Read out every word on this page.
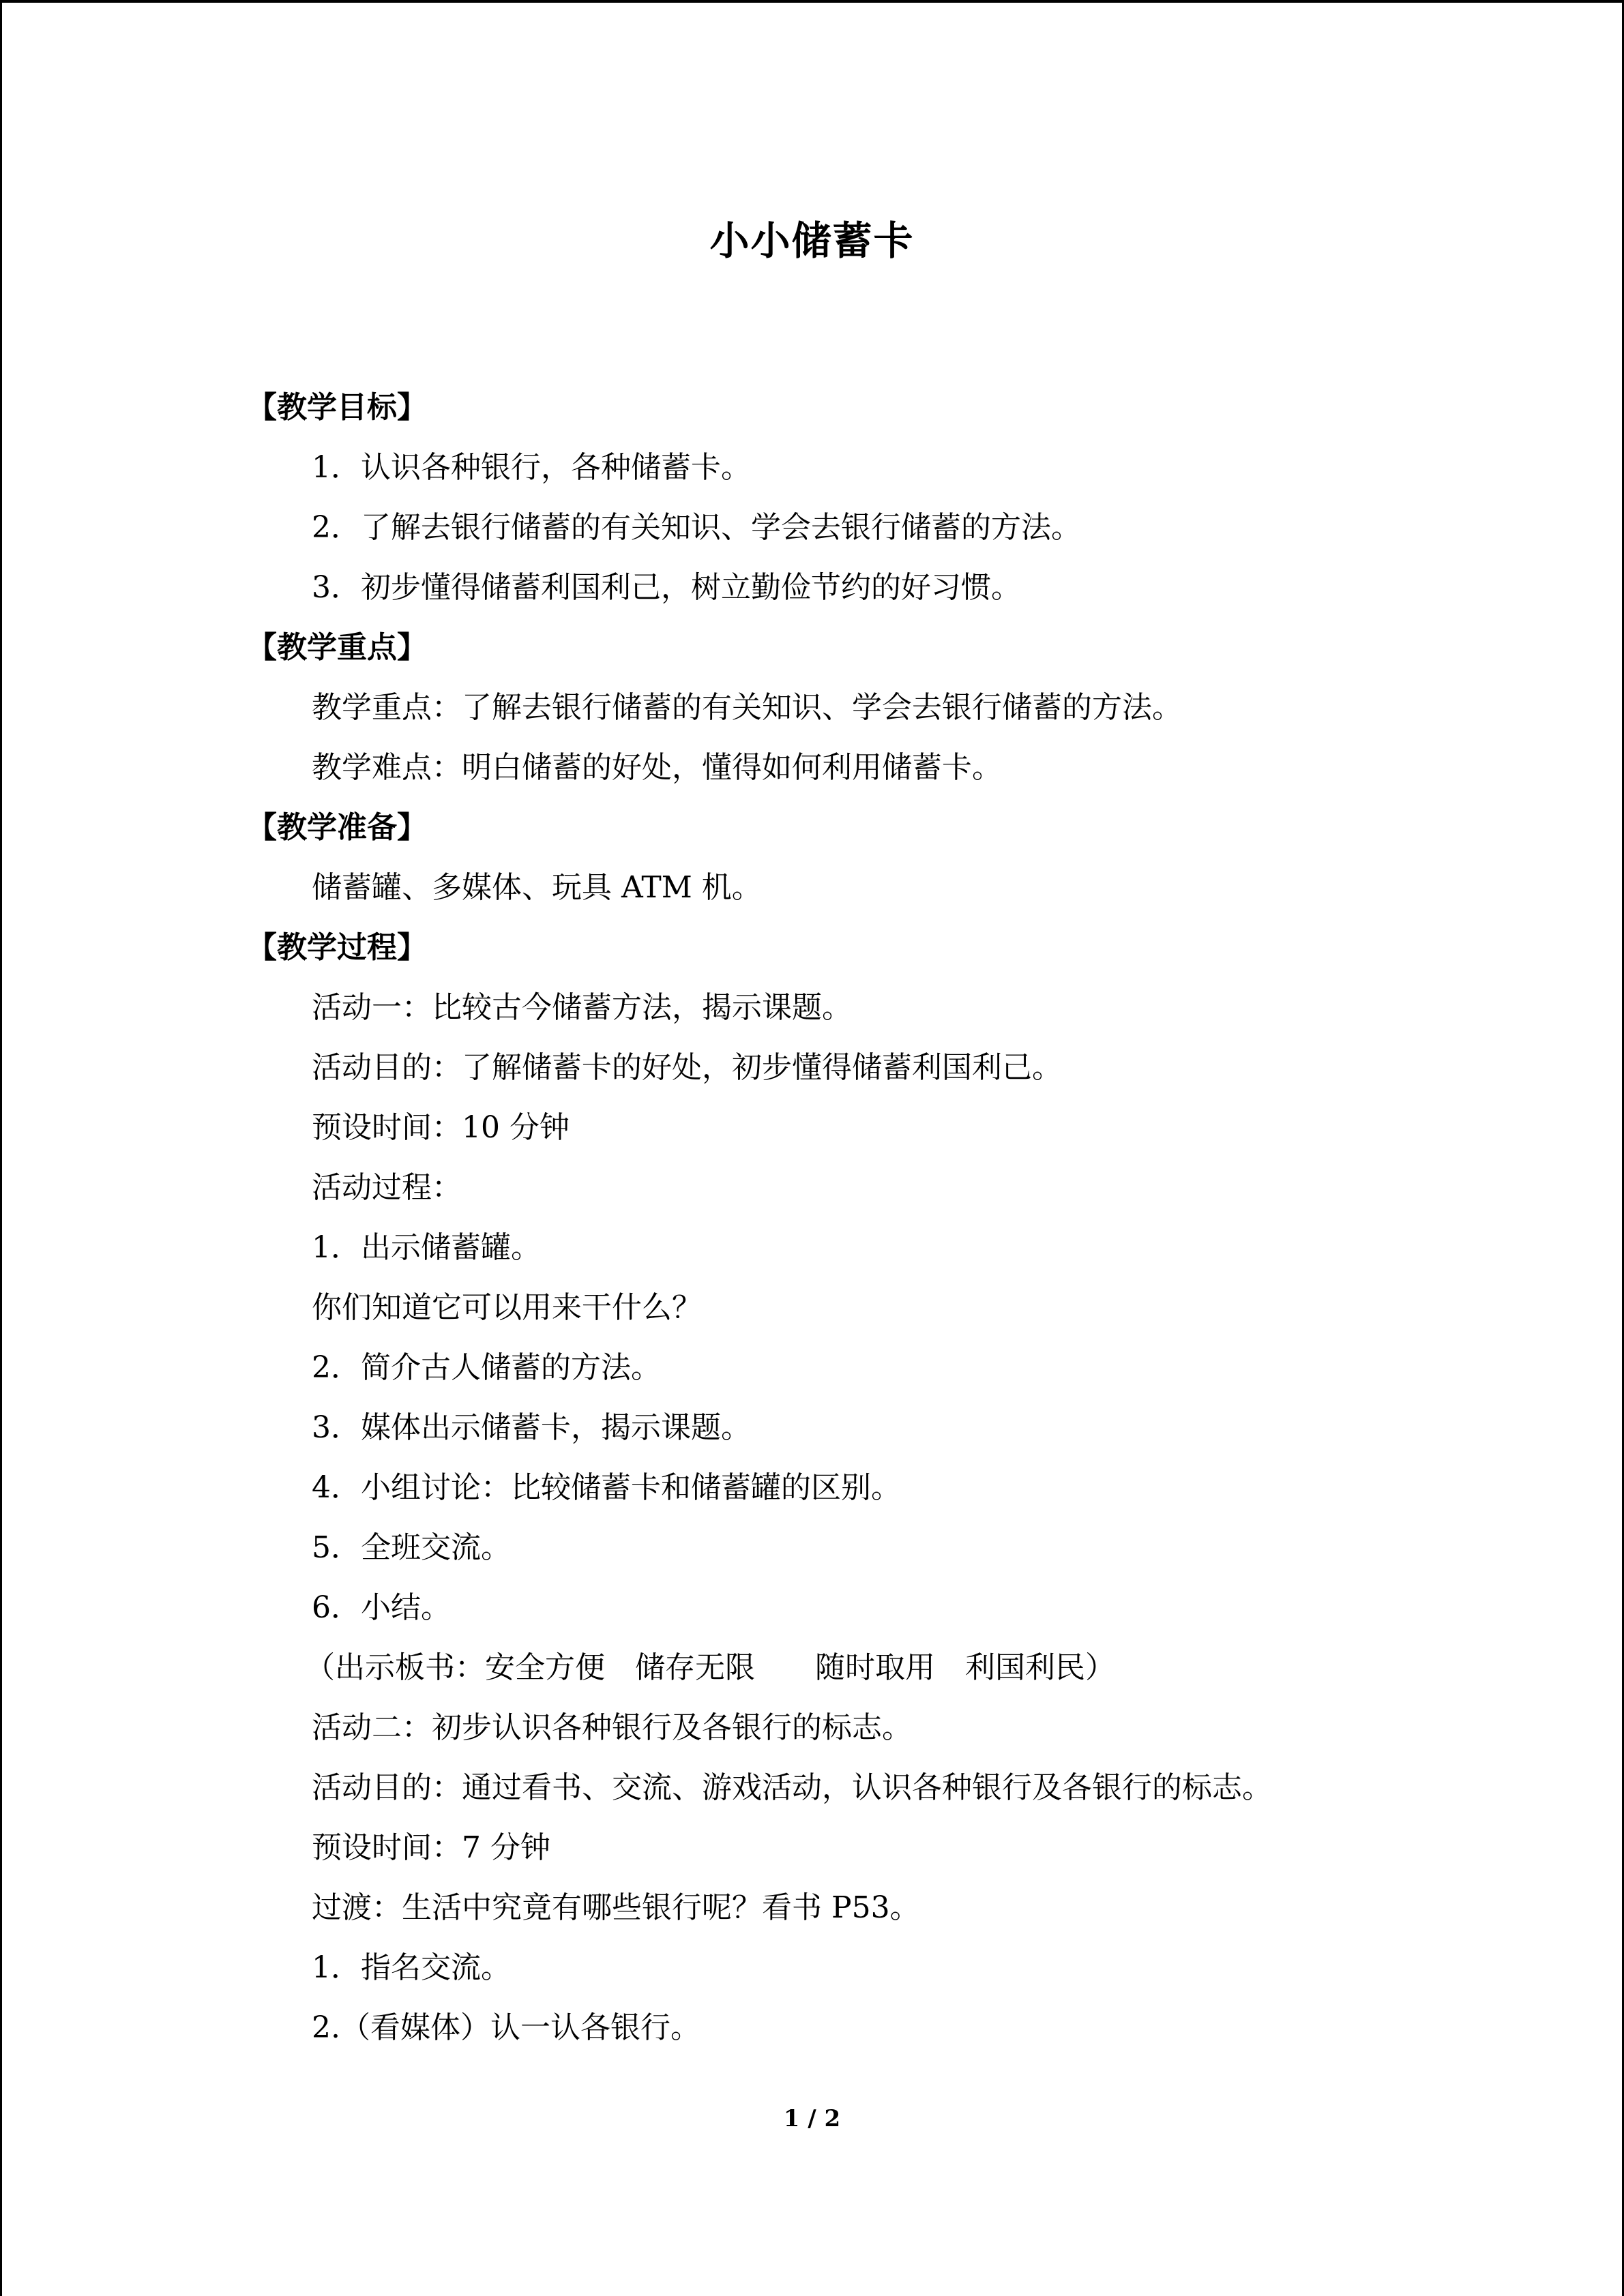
小小储蓄卡
【教学目标】
1．认识各种银行，各种储蓄卡。
2．了解去银行储蓄的有关知识、学会去银行储蓄的方法。
3．初步懂得储蓄利国利己，树立勤俭节约的好习惯。
【教学重点】
教学重点：了解去银行储蓄的有关知识、学会去银行储蓄的方法。
教学难点：明白储蓄的好处，懂得如何利用储蓄卡。
【教学准备】
储蓄罐、多媒体、玩具 ATM 机。
【教学过程】
活动一：比较古今储蓄方法，揭示课题。
活动目的：了解储蓄卡的好处，初步懂得储蓄利国利己。
预设时间：10 分钟
活动过程：
1．出示储蓄罐。
你们知道它可以用来干什么？
2．简介古人储蓄的方法。
3．媒体出示储蓄卡，揭示课题。
4．小组讨论：比较储蓄卡和储蓄罐的区别。
5．全班交流。
6．小结。
（出示板书：安全方便　储存无限　　随时取用　利国利民）
活动二：初步认识各种银行及各银行的标志。
活动目的：通过看书、交流、游戏活动，认识各种银行及各银行的标志。
预设时间：7 分钟
过渡：生活中究竟有哪些银行呢？看书 P53。
1．指名交流。
2.（看媒体）认一认各银行。
1 / 2
